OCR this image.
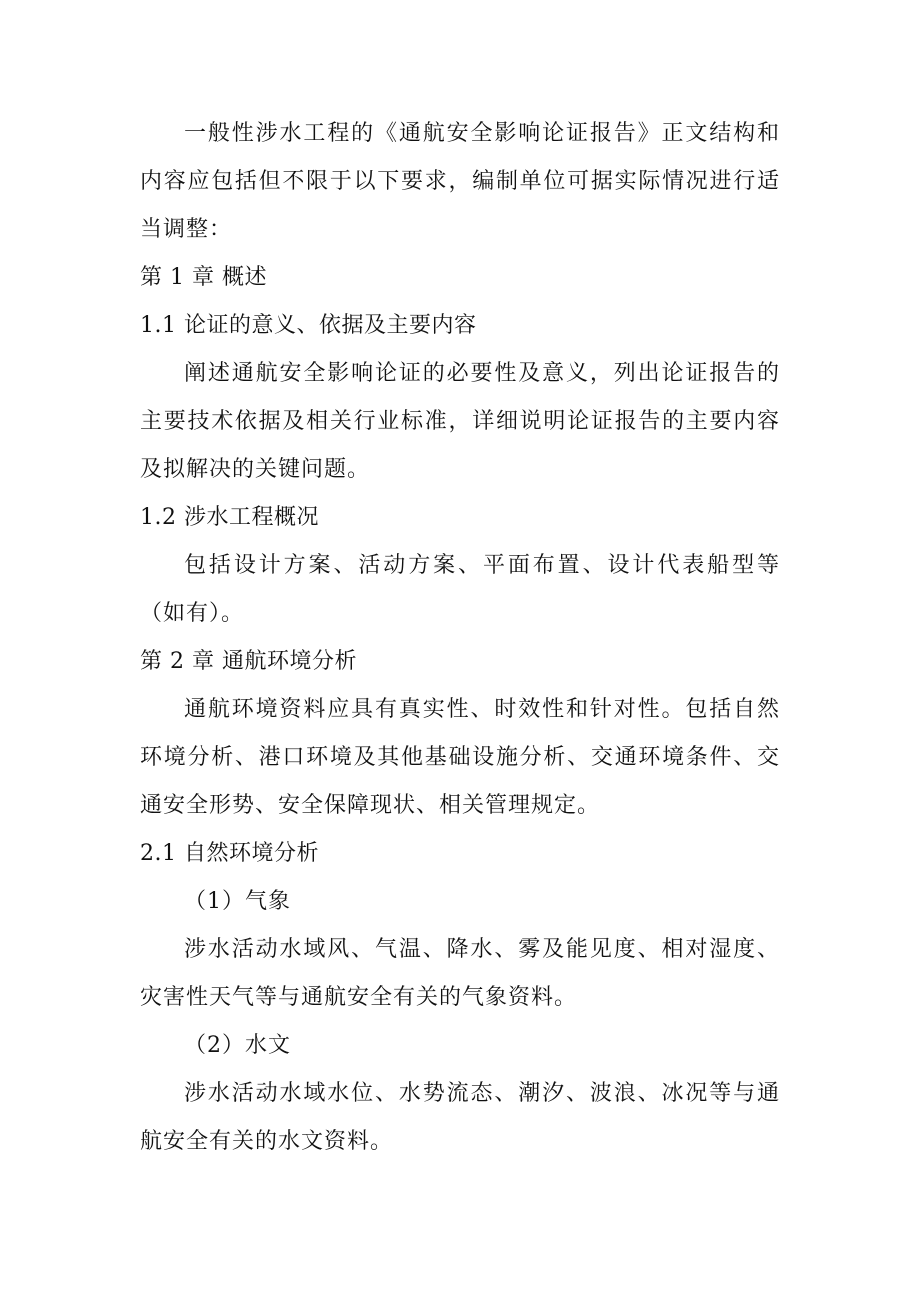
一般性涉水工程的《通航安全影响论证报告》正文结构和内容应包括但不限于以下要求，编制单位可据实际情况进行适当调整：

第 1 章 概述

1.1 论证的意义、依据及主要内容

阐述通航安全影响论证的必要性及意义，列出论证报告的主要技术依据及相关行业标准，详细说明论证报告的主要内容及拟解决的关键问题。

1.2 涉水工程概况

包括设计方案、活动方案、平面布置、设计代表船型等（如有）。

第 2 章 通航环境分析

通航环境资料应具有真实性、时效性和针对性。包括自然环境分析、港口环境及其他基础设施分析、交通环境条件、交通安全形势、安全保障现状、相关管理规定。

2.1 自然环境分析

（1）气象

涉水活动水域风、气温、降水、雾及能见度、相对湿度、灾害性天气等与通航安全有关的气象资料。

（2）水文

涉水活动水域水位、水势流态、潮汐、波浪、冰况等与通航安全有关的水文资料。
